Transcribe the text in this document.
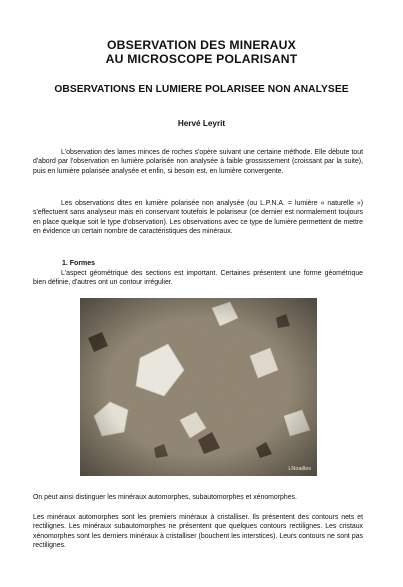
OBSERVATION DES MINERAUX
AU MICROSCOPE POLARISANT
OBSERVATIONS EN LUMIERE POLARISEE NON ANALYSEE
Hervé Leyrit
L'observation des lames minces de roches s'opère suivant une certaine méthode. Elle débute tout d'abord par l'observation en lumière polarisée non analysée à faible grossissement (croissant par la suite), puis en lumière polarisée analysée et enfin, si besoin est, en lumière convergente.
Les observations dites en lumière polarisée non analysée (ou L.P.N.A. = lumière « naturelle ») s'effectuent sans analyseur mais en conservant toutefois le polariseur (ce dernier est normalement toujours en place quelque soit le type d'observation). Les observations avec ce type de lumière permettent de mettre en évidence un certain nombre de caractéristiques des minéraux.
1. Formes
L'aspect géométrique des sections est important. Certaines présentent une forme géométrique bien définie, d'autres ont un contour irrégulier.
LNoailles
On peut ainsi distinguer les minéraux automorphes, subautomorphes et xénomorphes.
Les minéraux automorphes sont les premiers minéraux à cristalliser. Ils présentent des contours nets et rectilignes. Les minéraux subautomorphes ne présentent que quelques contours rectilignes. Les cristaux xénomorphes sont les derniers minéraux à cristalliser (bouchent les interstices). Leurs contours ne sont pas rectilignes.
